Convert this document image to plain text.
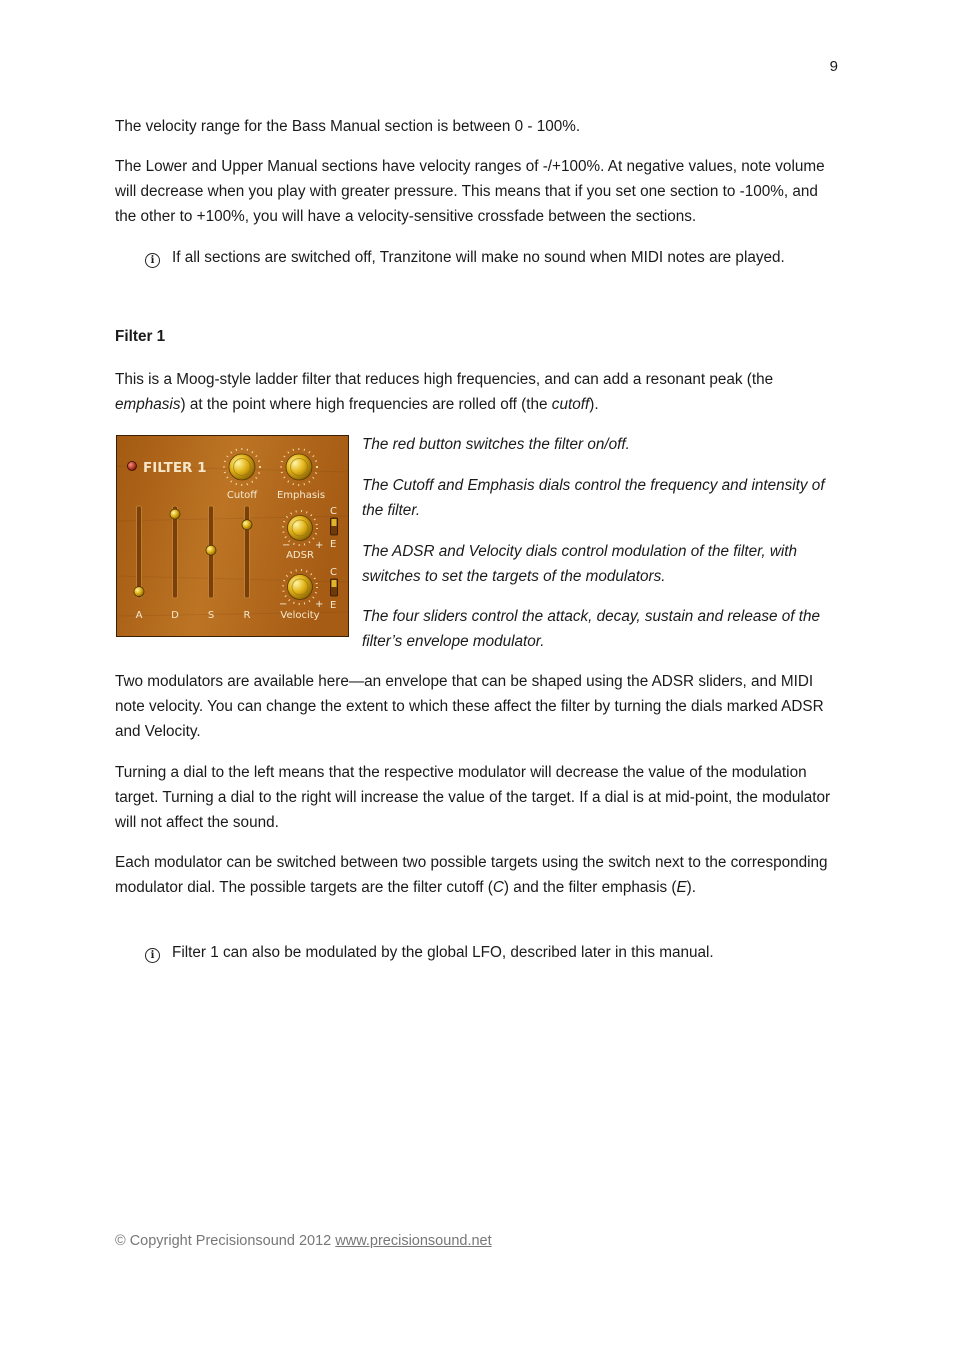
9

The velocity range for the Bass Manual section is between 0 - 100%.

The Lower and Upper Manual sections have velocity ranges of -/+100%. At negative values, note volume will decrease when you play with greater pressure. This means that if you set one section to -100%, and the other to +100%, you will have a velocity-sensitive crossfade between the sections.

i If all sections are switched off, Tranzitone will make no sound when MIDI notes are played.
Filter 1

This is a Moog-style ladder filter that reduces high frequencies, and can add a resonant peak (the emphasis) at the point where high frequencies are rolled off (the cutoff).

FILTER 1
Cutoff Emphasis
− +
ADSR
−	+
Velocity
C
E
C
E
A	D	S	R

The red button switches the filter on/off.

The Cutoff and Emphasis dials control the frequency and intensity of the filter.

The ADSR and Velocity dials control modulation of the filter, with switches to set the targets of the modulators.

The four sliders control the attack, decay, sustain and release of the filter’s envelope modulator.

Two modulators are available here—an envelope that can be shaped using the ADSR sliders, and MIDI note velocity. You can change the extent to which these affect the filter by turning the dials marked ADSR and Velocity.

Turning a dial to the left means that the respective modulator will decrease the value of the modulation target. Turning a dial to the right will increase the value of the target. If a dial is at mid-point, the modulator will not affect the sound.

Each modulator can be switched between two possible targets using the switch next to the corresponding modulator dial. The possible targets are the filter cutoff (C) and the filter emphasis (E).

i Filter 1 can also be modulated by the global LFO, described later in this manual.
© Copyright Precisionsound 2012 www.precisionsound.net
